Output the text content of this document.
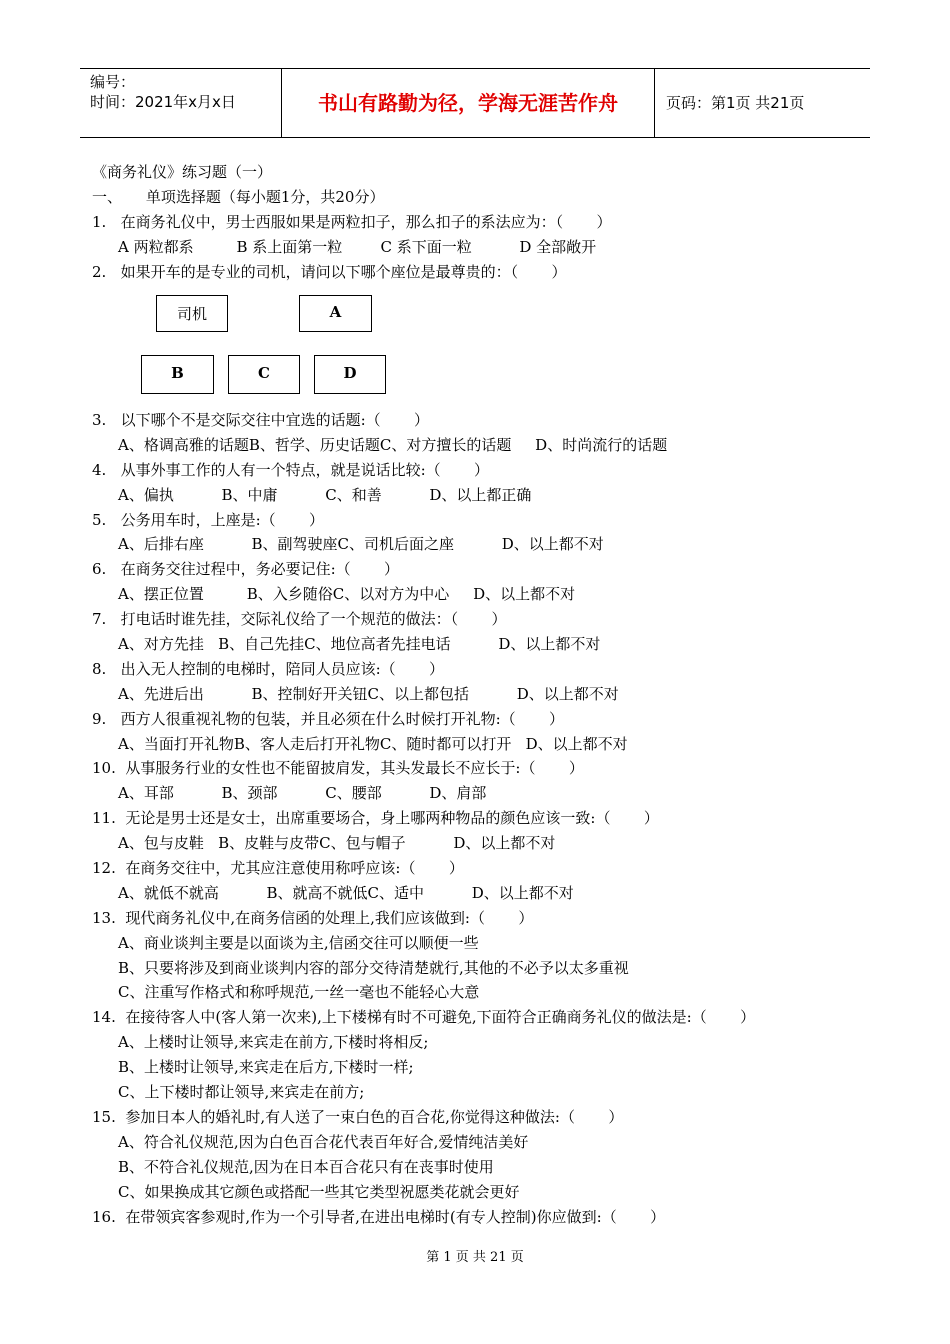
编号：
时间：2021年x月x日	书山有路勤为径，学海无涯苦作舟	页码：第1页 共21页
《商务礼仪》练习题（一）
一、     单项选择题（每小题1分，共20分）
1.   在商务礼仪中，男士西服如果是两粒扣子，那么扣子的系法应为：（       ）
A 两粒都系         B 系上面第一粒        C 系下面一粒          D 全部敞开
2.   如果开车的是专业的司机，请问以下哪个座位是最尊贵的：（       ）
司机	A
B	C	D
3.   以下哪个不是交际交往中宜选的话题:（       ）
A、格调高雅的话题B、哲学、历史话题C、对方擅长的话题     D、时尚流行的话题
4.   从事外事工作的人有一个特点，就是说话比较:（       ）
A、偏执          B、中庸          C、和善          D、以上都正确
5.   公务用车时，上座是:（       ）
A、后排右座          B、副驾驶座C、司机后面之座          D、以上都不对
6.   在商务交往过程中，务必要记住:（       ）
A、摆正位置         B、入乡随俗C、以对方为中心     D、以上都不对
7.   打电话时谁先挂，交际礼仪给了一个规范的做法：（       ）
A、对方先挂   B、自己先挂C、地位高者先挂电话          D、以上都不对
8.   出入无人控制的电梯时，陪同人员应该:（       ）
A、先进后出          B、控制好开关钮C、以上都包括          D、以上都不对
9.   西方人很重视礼物的包装，并且必须在什么时候打开礼物:（       ）
A、当面打开礼物B、客人走后打开礼物C、随时都可以打开   D、以上都不对
10.  从事服务行业的女性也不能留披肩发，其头发最长不应长于:（       ）
A、耳部          B、颈部          C、腰部          D、肩部
11.  无论是男士还是女士，出席重要场合，身上哪两种物品的颜色应该一致:（       ）
A、包与皮鞋   B、皮鞋与皮带C、包与帽子          D、以上都不对
12.  在商务交往中，尤其应注意使用称呼应该:（       ）
A、就低不就高          B、就高不就低C、适中          D、以上都不对
13.  现代商务礼仪中,在商务信函的处理上,我们应该做到:（       ）
A、商业谈判主要是以面谈为主,信函交往可以顺便一些
B、只要将涉及到商业谈判内容的部分交待清楚就行,其他的不必予以太多重视
C、注重写作格式和称呼规范,一丝一毫也不能轻心大意
14.  在接待客人中(客人第一次来),上下楼梯有时不可避免,下面符合正确商务礼仪的做法是:（       ）
A、上楼时让领导,来宾走在前方,下楼时将相反;
B、上楼时让领导,来宾走在后方,下楼时一样;
C、上下楼时都让领导,来宾走在前方;
15.  参加日本人的婚礼时,有人送了一束白色的百合花,你觉得这种做法:（       ）
A、符合礼仪规范,因为白色百合花代表百年好合,爱情纯洁美好
B、不符合礼仪规范,因为在日本百合花只有在丧事时使用
C、如果换成其它颜色或搭配一些其它类型祝愿类花就会更好
16.  在带领宾客参观时,作为一个引导者,在进出电梯时(有专人控制)你应做到:（       ）
第 1 页 共 21 页
